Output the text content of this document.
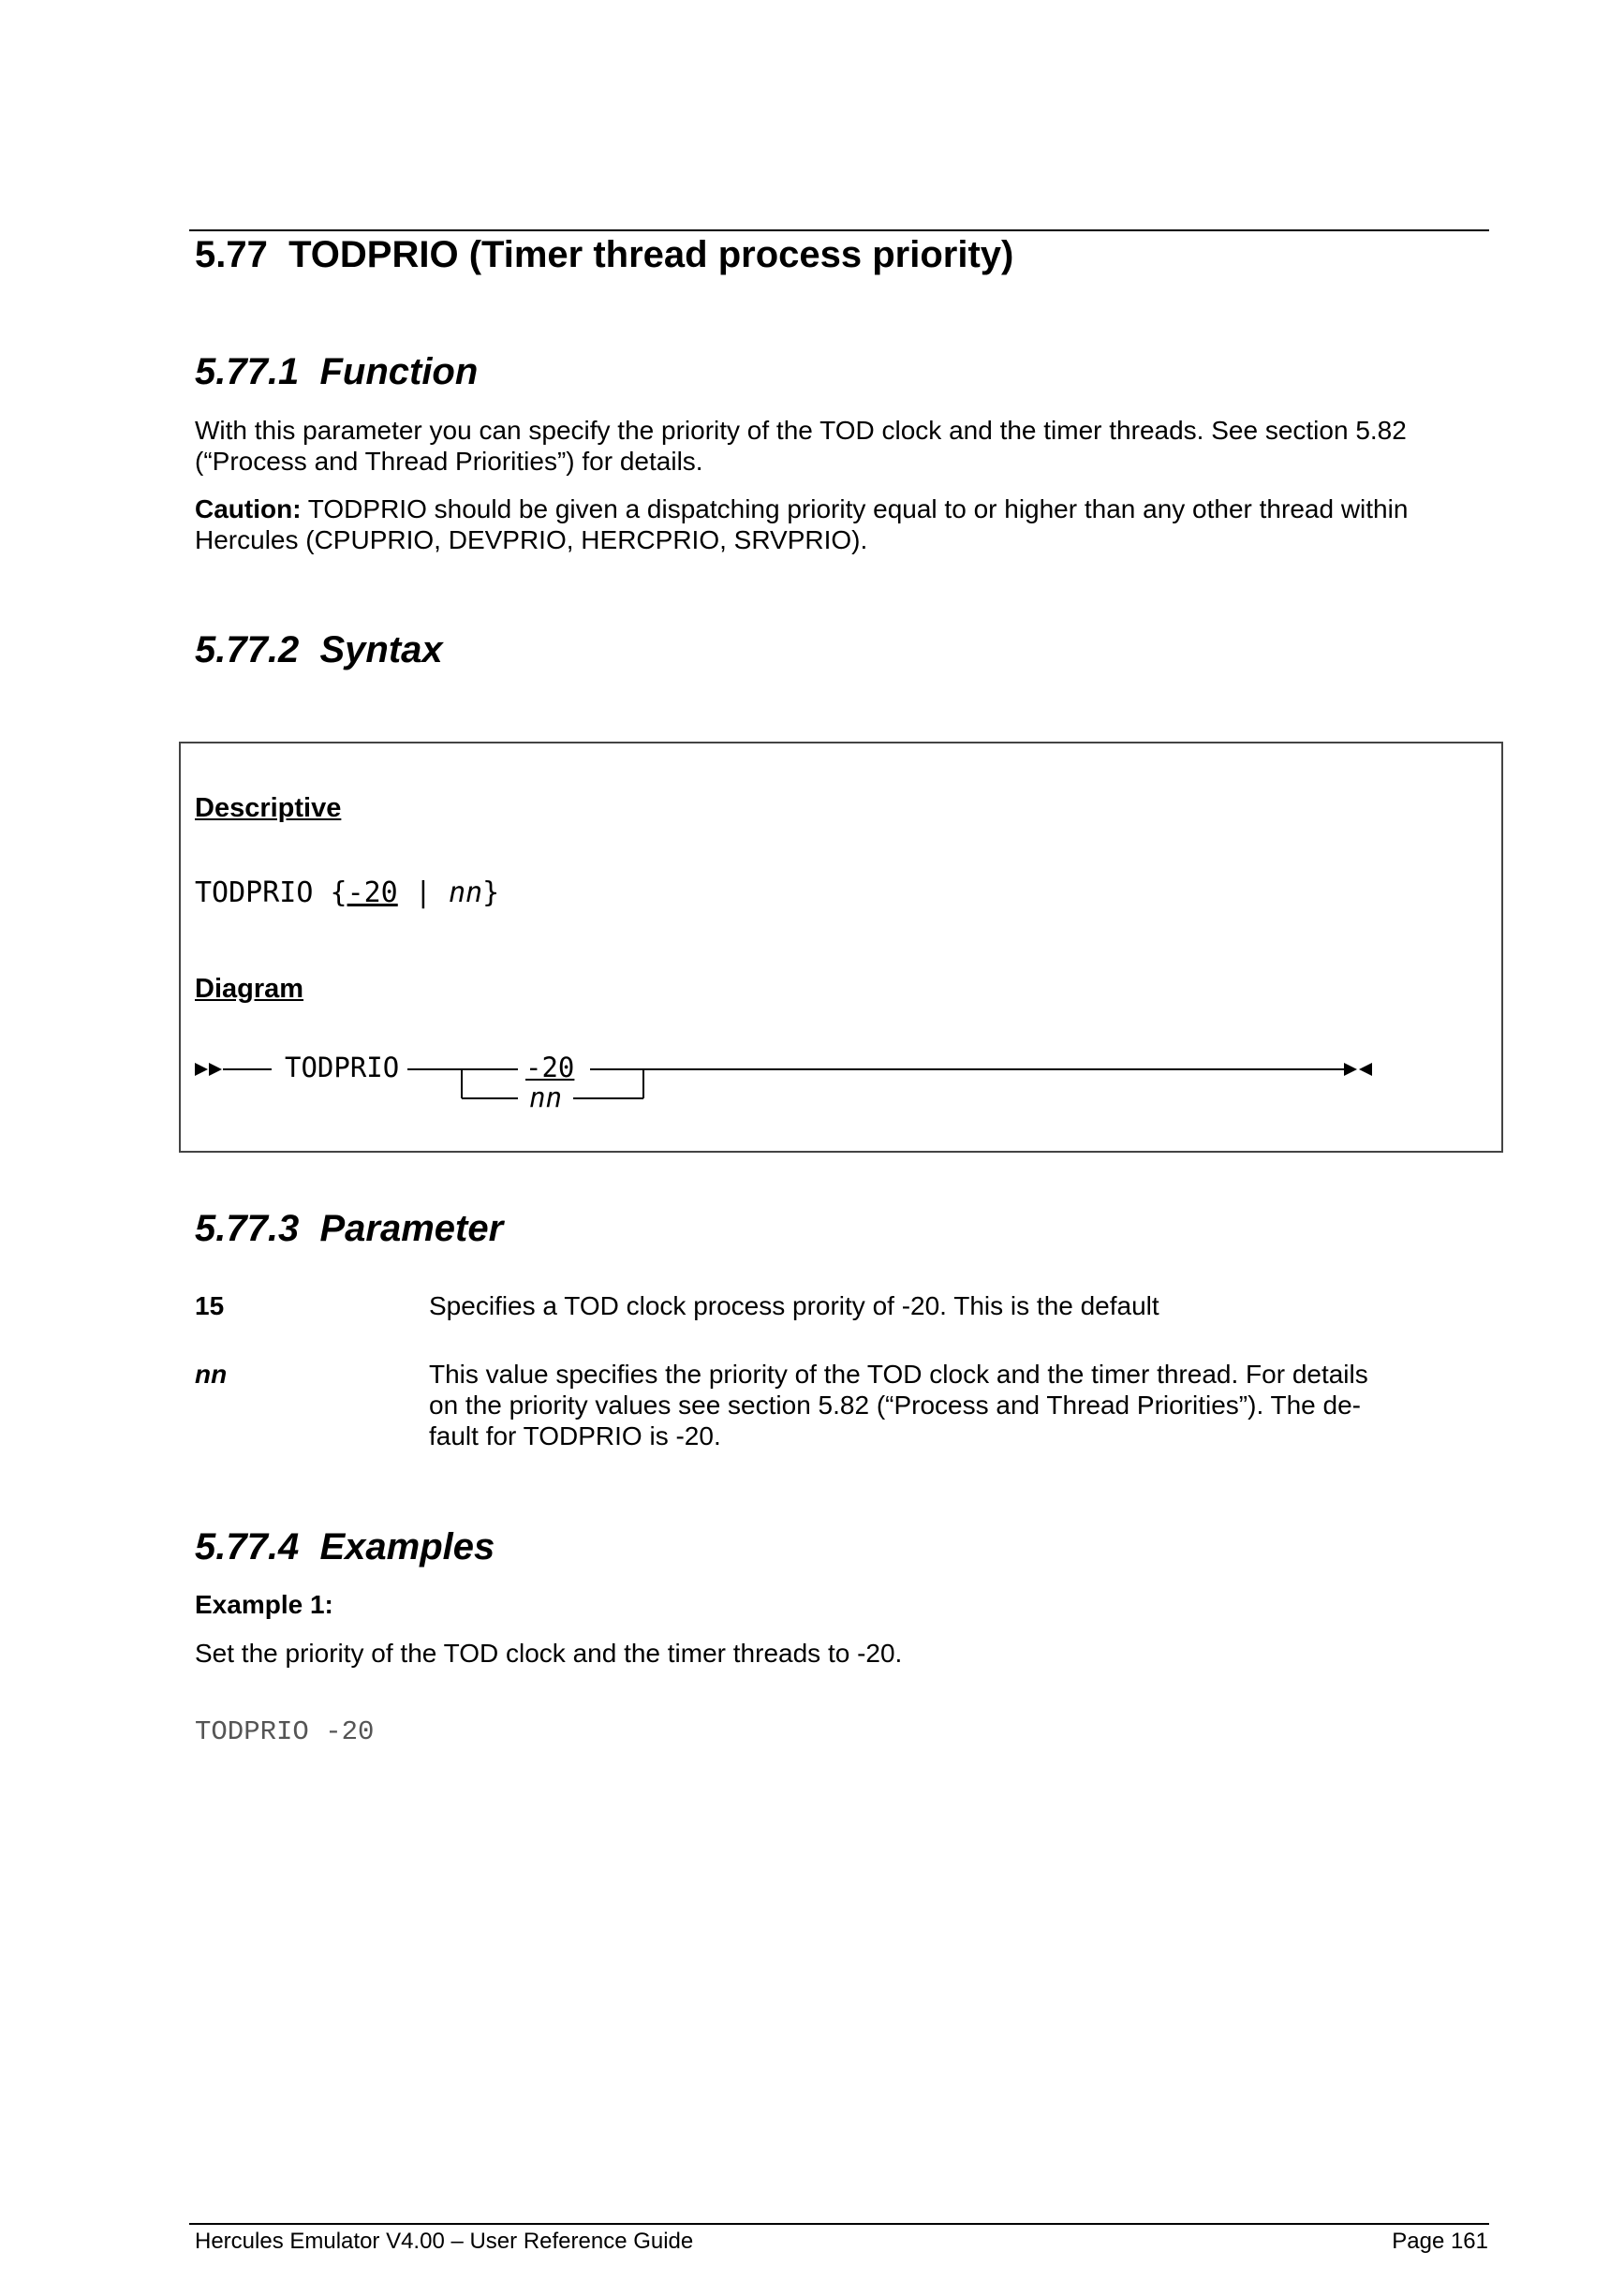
5.77 TODPRIO (Timer thread process priority)
5.77.1 Function
With this parameter you can specify the priority of the TOD clock and the timer threads. See section 5.82
(“Process and Thread Priorities”) for details.
Caution: TODPRIO should be given a dispatching priority equal to or higher than any other thread within
Hercules (CPUPRIO, DEVPRIO, HERCPRIO, SRVPRIO).
5.77.2 Syntax
Descriptive
TODPRIO {-20 | nn}
Diagram
TODPRIO	-20
nn
5.77.3 Parameter
15	Specifies a TOD clock process prority of -20. This is the default
nn	This value specifies the priority of the TOD clock and the timer thread. For details
on the priority values see section 5.82 (“Process and Thread Priorities”). The de-
fault for TODPRIO is -20.
5.77.4 Examples
Example 1:
Set the priority of the TOD clock and the timer threads to -20.
TODPRIO -20
Hercules Emulator V4.00 – User Reference Guide	Page 161
